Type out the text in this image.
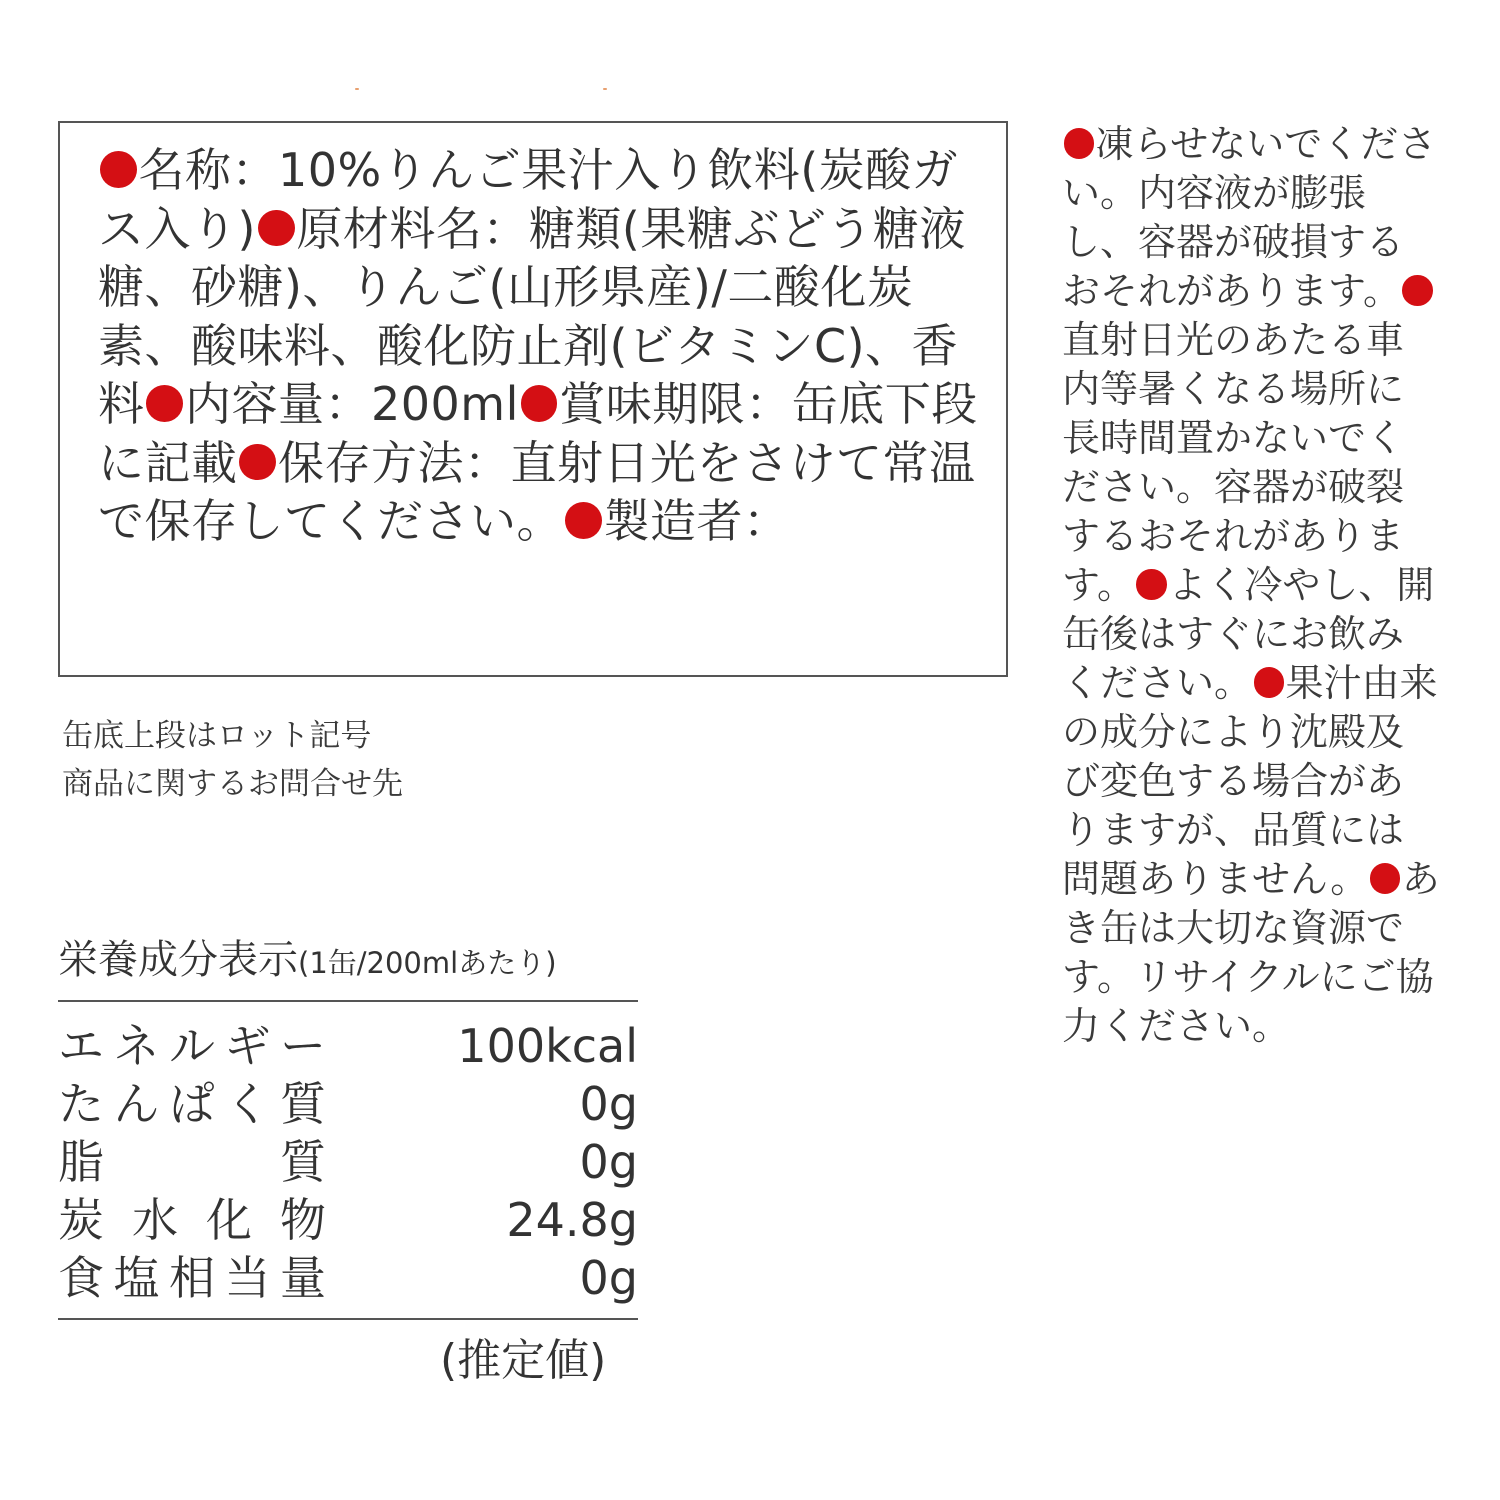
名称：10%りんご果汁入り飲料(炭酸ガス入り) 原材料名：糖類(果糖ぶどう糖液糖、砂糖)、りんご(山形県産)/二酸化炭素、酸味料、酸化防止剤(ビタミンC)、香料 内容量：200ml 賞味期限：缶底下段に記載 保存方法：直射日光をさけて常温で保存してください。 製造者：
缶底上段はロット記号
商品に関するお問合せ先
栄養成分表示(1缶/200mlあたり)
エネルギー	100kcal
たんぱく質	0g
脂質	0g
炭水化物	24.8g
食塩相当量	0g
(推定値)
凍らせないでください。内容液が膨張し、容器が破損するおそれがあります。直射日光のあたる車内等暑くなる場所に長時間置かないでください。容器が破裂するおそれがあります。 よく冷やし、開缶後はすぐにお飲みください。 果汁由来の成分により沈殿及び変色する場合がありますが、品質には問題ありません。 あき缶は大切な資源です。リサイクルにご協力ください。
